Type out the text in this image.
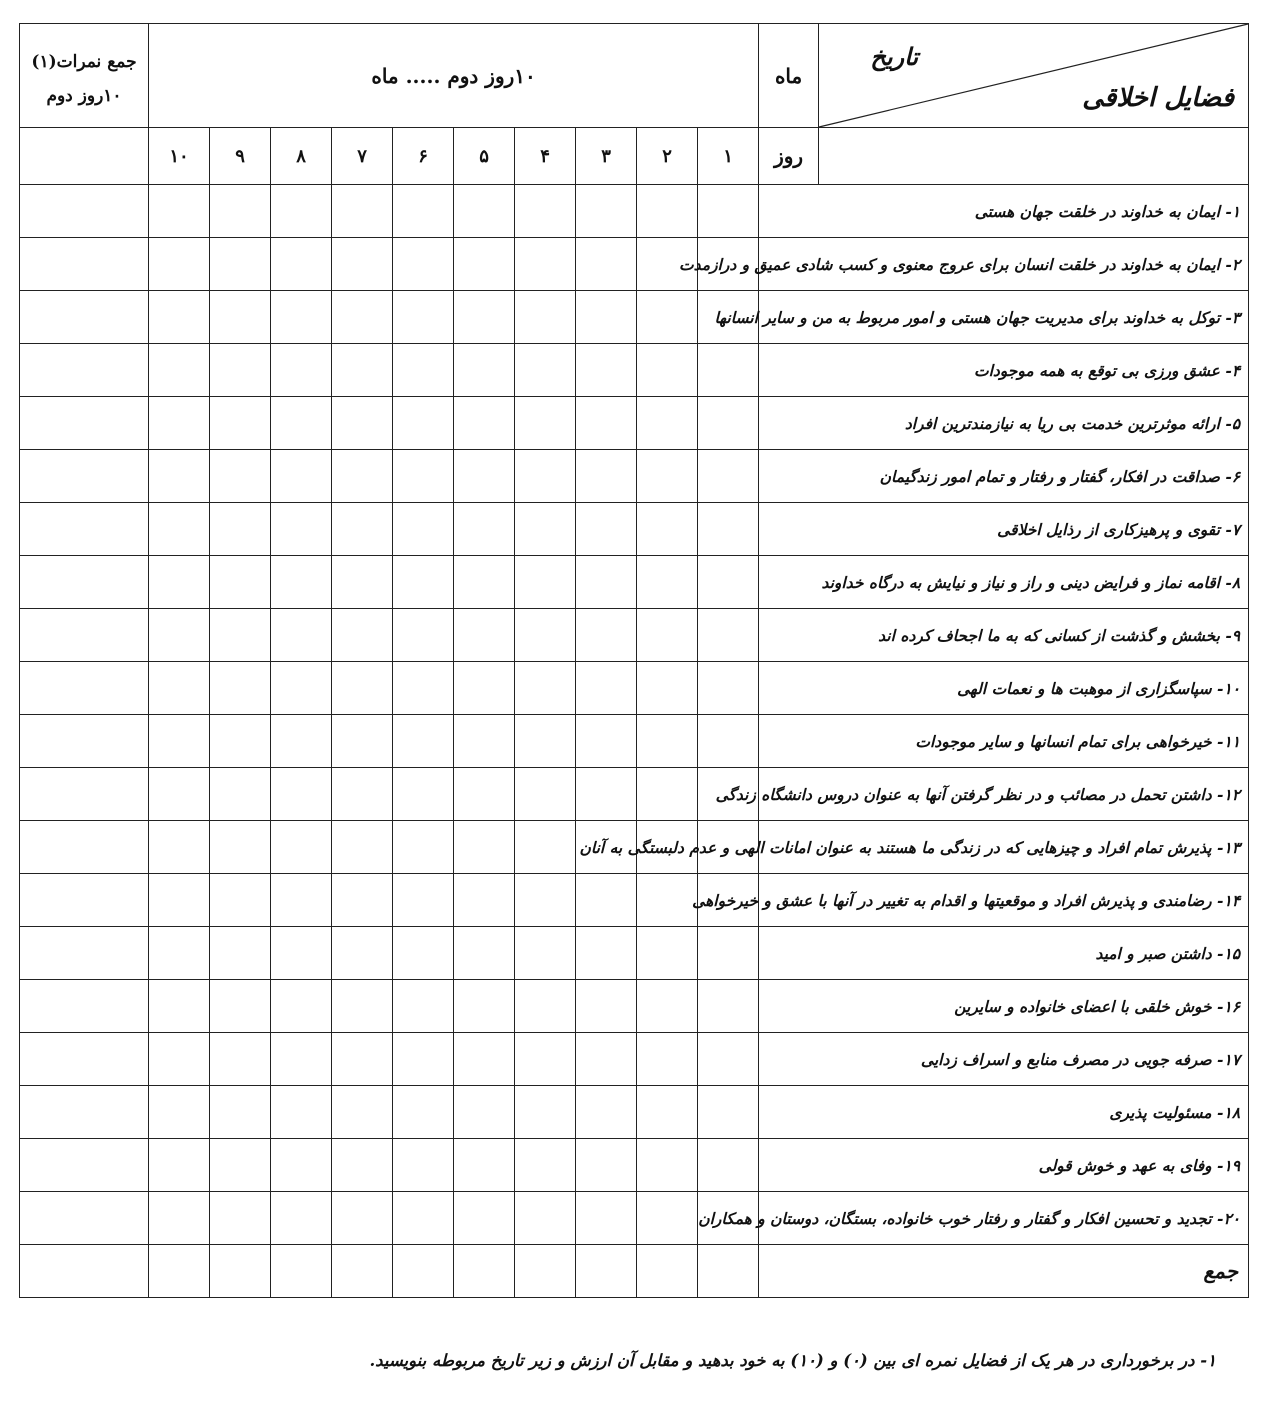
تاریخ
فضایل اخلاقی	ماه	۱۰روز دوم ..... ماه										جمع نمرات(۱)
۱۰روز دوم

	روز	۱	۲	۳	۴	۵	۶	۷	۸	۹	۱۰	
۱- ایمان به خداوند در خلقت جهان هستی												
۲- ایمان به خداوند در خلقت انسان برای عروج معنوی و کسب شادی عمیق و درازمدت												
۳- توکل به خداوند برای مدیریت جهان هستی و امور مربوط به من و سایر انسانها												
۴- عشق ورزی بی توقع به همه موجودات												
۵- ارائه موثرترین خدمت بی ریا به نیازمندترین افراد												
۶- صداقت در افکار، گفتار و رفتار و تمام امور زندگیمان												
۷- تقوی و پرهیزکاری از رذایل اخلاقی												
۸- اقامه نماز و فرایض دینی و راز و نیاز و نیایش به درگاه خداوند												
۹- بخشش و گذشت از کسانی که به ما اجحاف کرده اند												
۱۰- سپاسگزاری از موهبت ها و نعمات الهی												
۱۱- خیرخواهی برای تمام انسانها و سایر موجودات												
۱۲- داشتن تحمل در مصائب و در نظر گرفتن آنها به عنوان دروس دانشگاه زندگی												
۱۳- پذیرش تمام افراد و چیزهایی که در زندگی ما هستند به عنوان امانات الهی و عدم دلبستگی به آنان												
۱۴- رضامندی و پذیرش افراد و موقعیتها و اقدام به تغییر در آنها با عشق و خیرخواهی												
۱۵- داشتن صبر و امید												
۱۶- خوش خلقی با اعضای خانواده و سایرین												
۱۷- صرفه جویی در مصرف منابع و اسراف زدایی												
۱۸- مسئولیت پذیری												
۱۹- وفای به عهد و خوش قولی												
۲۰- تجدید و تحسین افکار و گفتار و رفتار خوب خانواده، بستگان، دوستان و همکاران												
جمع												
۱- در برخورداری در هر یک از فضایل نمره ای بین (۰) و (۱۰) به خود بدهید و مقابل آن ارزش و زیر تاریخ مربوطه بنویسید.
